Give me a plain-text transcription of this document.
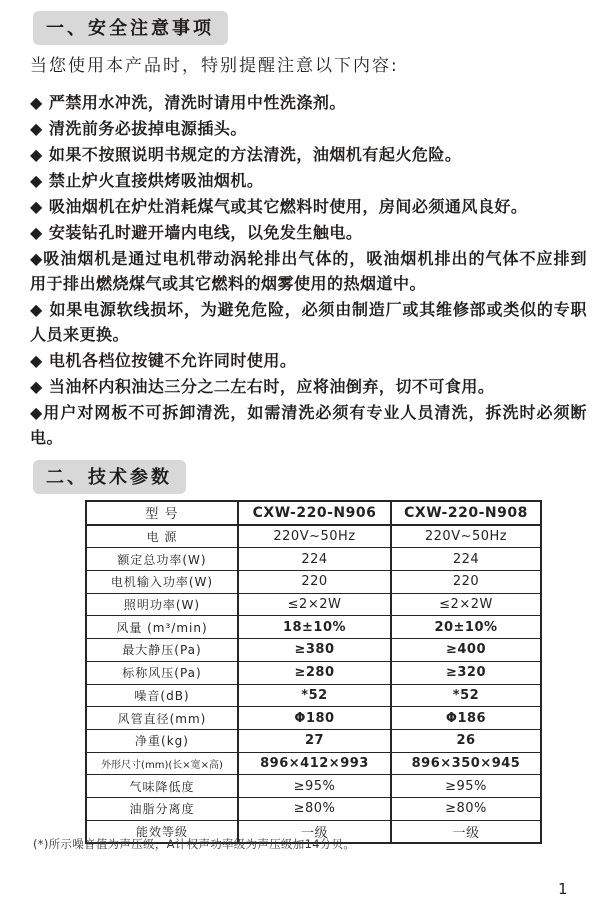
一、安全注意事项

当您使用本产品时，特别提醒注意以下内容:

◆ 严禁用水冲洗，清洗时请用中性洗涤剂。

◆ 清洗前务必拔掉电源插头。

◆ 如果不按照说明书规定的方法清洗，油烟机有起火危险。

◆ 禁止炉火直接烘烤吸油烟机。

◆ 吸油烟机在炉灶消耗煤气或其它燃料时使用，房间必须通风良好。

◆ 安装钻孔时避开墙内电线，以免发生触电。

◆吸油烟机是通过电机带动涡轮排出气体的，吸油烟机排出的气体不应排到用于排出燃烧煤气或其它燃料的烟雾使用的热烟道中。

◆ 如果电源软线损坏，为避免危险，必须由制造厂或其维修部或类似的专职人员来更换。

◆ 电机各档位按键不允许同时使用。

◆ 当油杯内积油达三分之二左右时，应将油倒弃，切不可食用。

◆用户对网板不可拆卸清洗，如需清洗必须有专业人员清洗，拆洗时必须断电。

二、技术参数
型 号	CXW-220-N906	CXW-220-N908
电 源	220V~50Hz	220V~50Hz
额定总功率(W)	224	224
电机输入功率(W)	220	220
照明功率(W)	≤2×2W	≤2×2W
风量 (m³/min)	18±10%	20±10%
最大静压(Pa)	≥380	≥400
标称风压(Pa)	≥280	≥320
噪音(dB)	*52	*52
风管直径(mm)	Φ180	Φ186
净重(kg)	27	26
外形尺寸(mm)(长×宽×高)	896×412×993	896×350×945
气味降低度	≥95%	≥95%
油脂分离度	≥80%	≥80%
能效等级	一级	一级

(*)所示噪音值为声压级，A计权声功率级为声压级加14分贝。

1
